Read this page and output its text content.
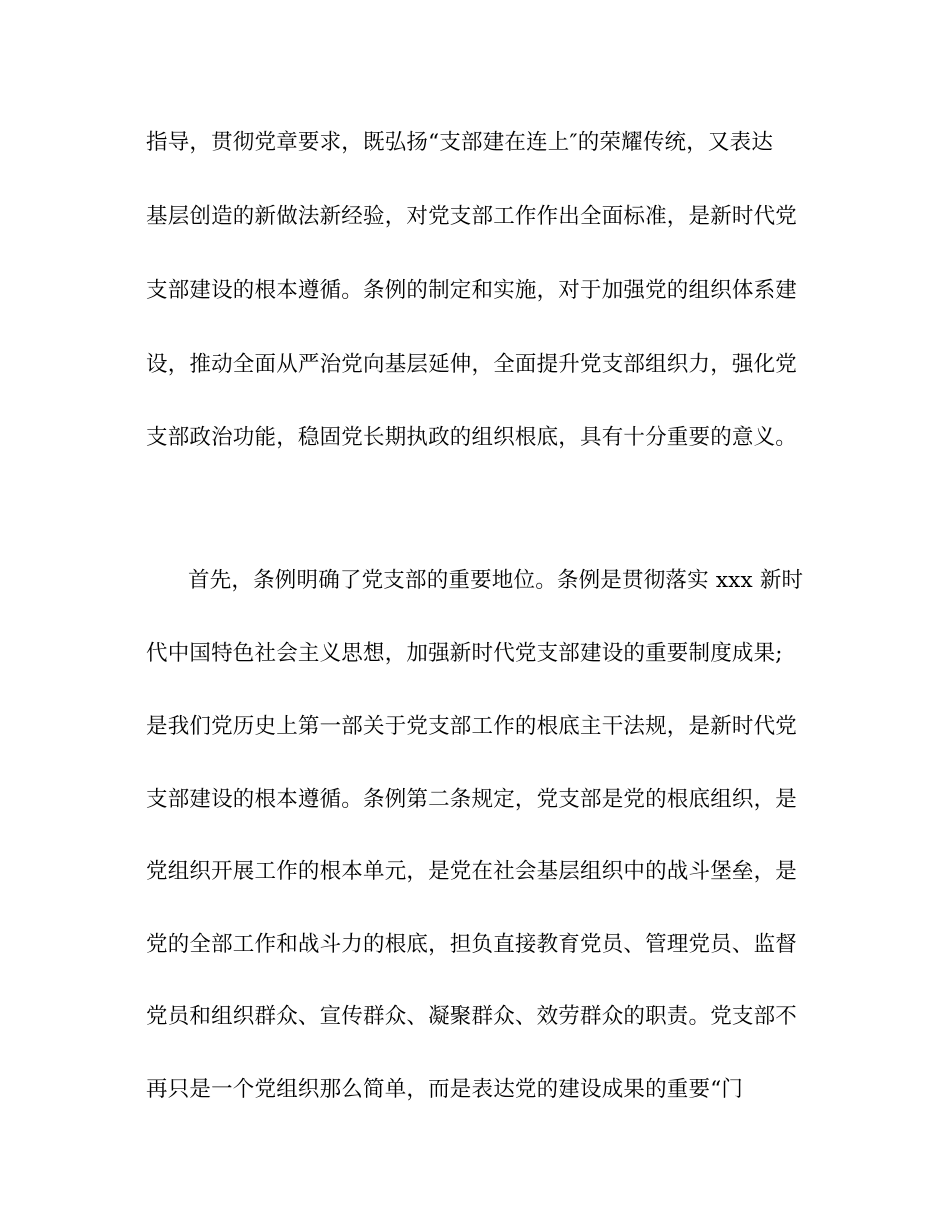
指导，贯彻党章要求，既弘扬“支部建在连上″的荣耀传统，又表达
基层创造的新做法新经验，对党支部工作作出全面标准，是新时代党
支部建设的根本遵循。条例的制定和实施，对于加强党的组织体系建
设，推动全面从严治党向基层延伸，全面提升党支部组织力，强化党
支部政治功能，稳固党长期执政的组织根底，具有十分重要的意义。
首先，条例明确了党支部的重要地位。条例是贯彻落实 xxx 新时
代中国特色社会主义思想，加强新时代党支部建设的重要制度成果;
是我们党历史上第一部关于党支部工作的根底主干法规，是新时代党
支部建设的根本遵循。条例第二条规定，党支部是党的根底组织，是
党组织开展工作的根本单元，是党在社会基层组织中的战斗堡垒，是
党的全部工作和战斗力的根底，担负直接教育党员、管理党员、监督
党员和组织群众、宣传群众、凝聚群众、效劳群众的职责。党支部不
再只是一个党组织那么简单，而是表达党的建设成果的重要“门
